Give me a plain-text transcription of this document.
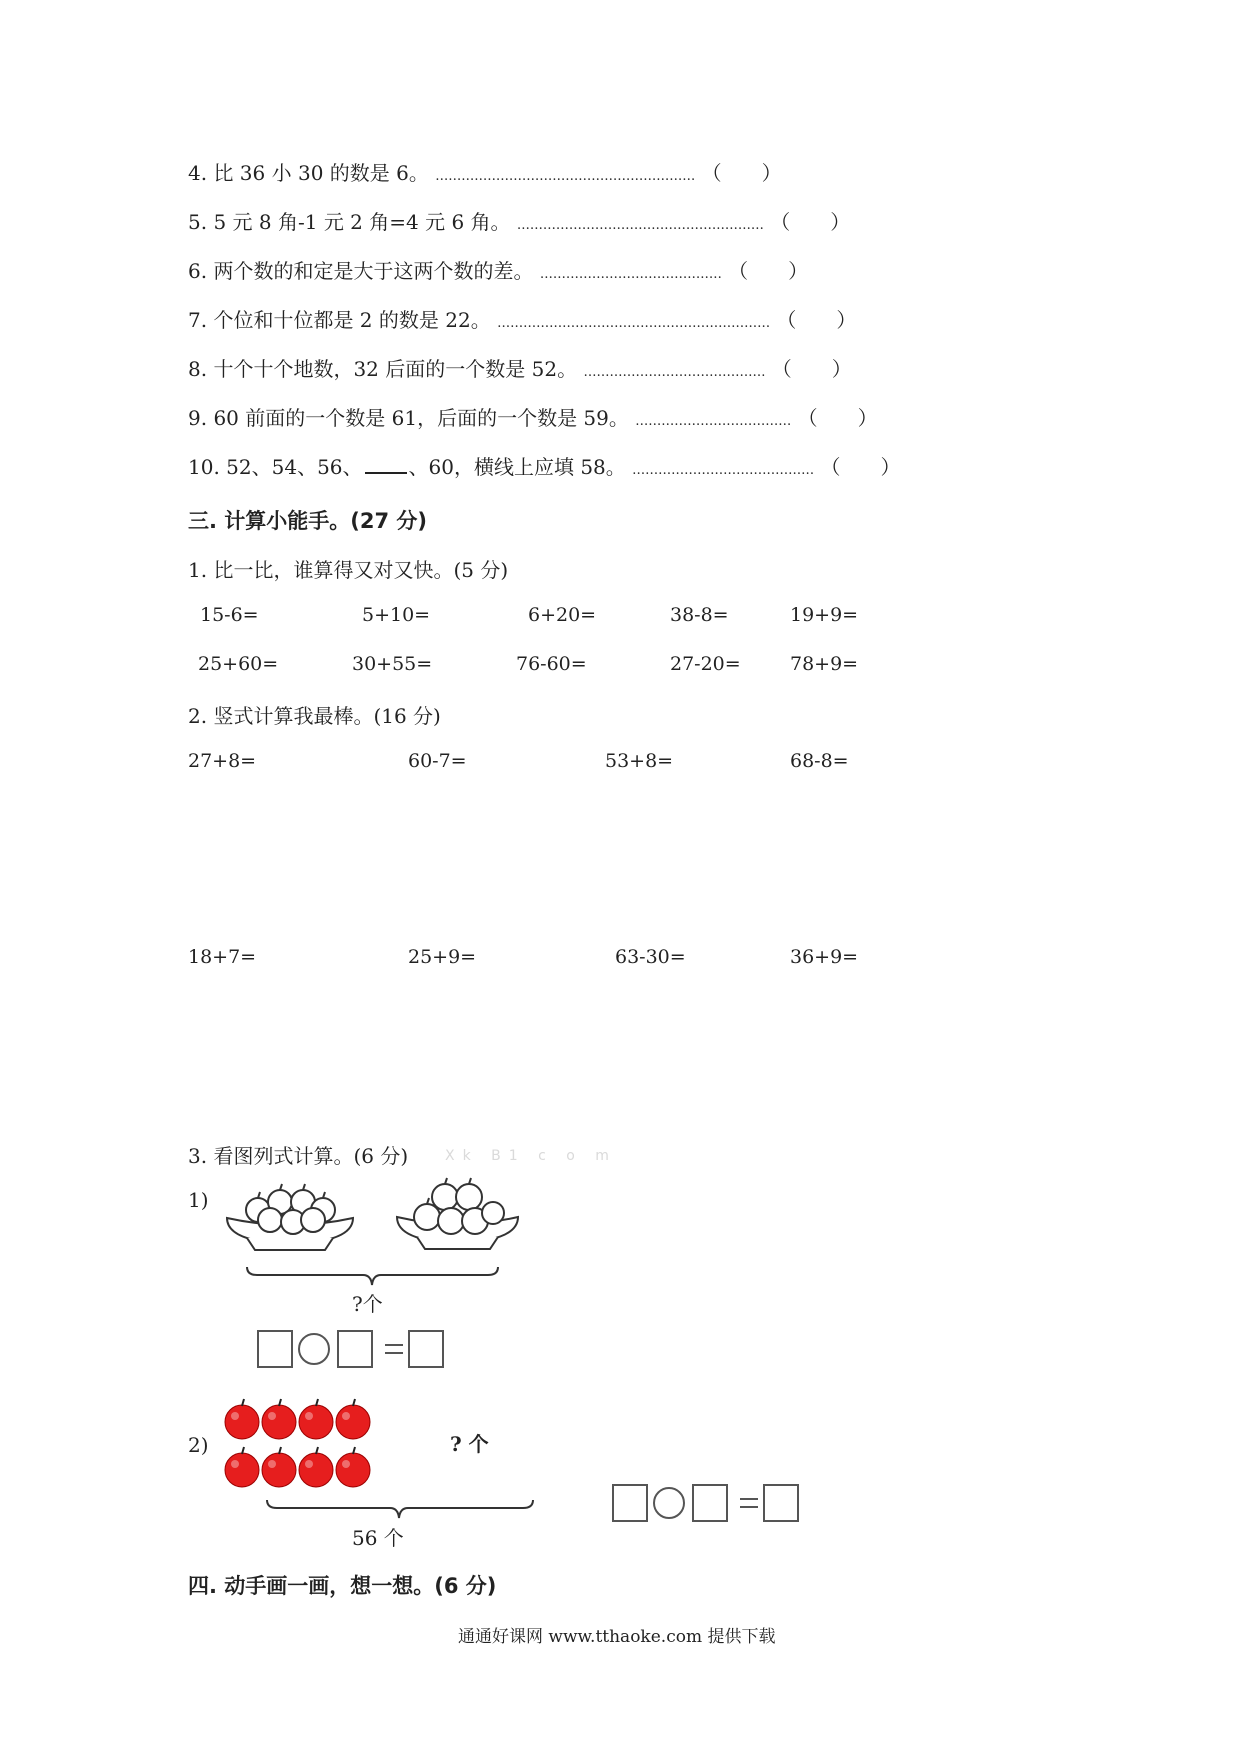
4. 比 36 小 30 的数是 6。 …………………………………………………… （　　）
5. 5 元 8 角-1 元 2 角=4 元 6 角。 ………………………………………………… （　　）
6. 两个数的和定是大于这两个数的差。 …………………………………… （　　）
7. 个位和十位都是 2 的数是 22。 ……………………………………………………… （　　）
8. 十个十个地数，32 后面的一个数是 52。 …………………………………… （　　）
9. 60 前面的一个数是 61，后面的一个数是 59。 ……………………………… （　　）
10. 52、54、56、 、60，横线上应填 58。 …………………………………… （　　）
三. 计算小能手。(27 分)
1. 比一比，谁算得又对又快。(5 分)
15-6=	5+10=	6+20=	38-8=	19+9=
25+60=	30+55=	76-60=	27-20=	78+9=
2. 竖式计算我最棒。(16 分)
27+8=	60-7=	53+8=	68-8=
18+7=	25+9=	63-30=	36+9=
3. 看图列式计算。(6 分)	Xk B1 c o m
1)
?个
2)	? 个
56 个
四. 动手画一画，想一想。(6 分)
通通好课网 www.tthaoke.com 提供下载
